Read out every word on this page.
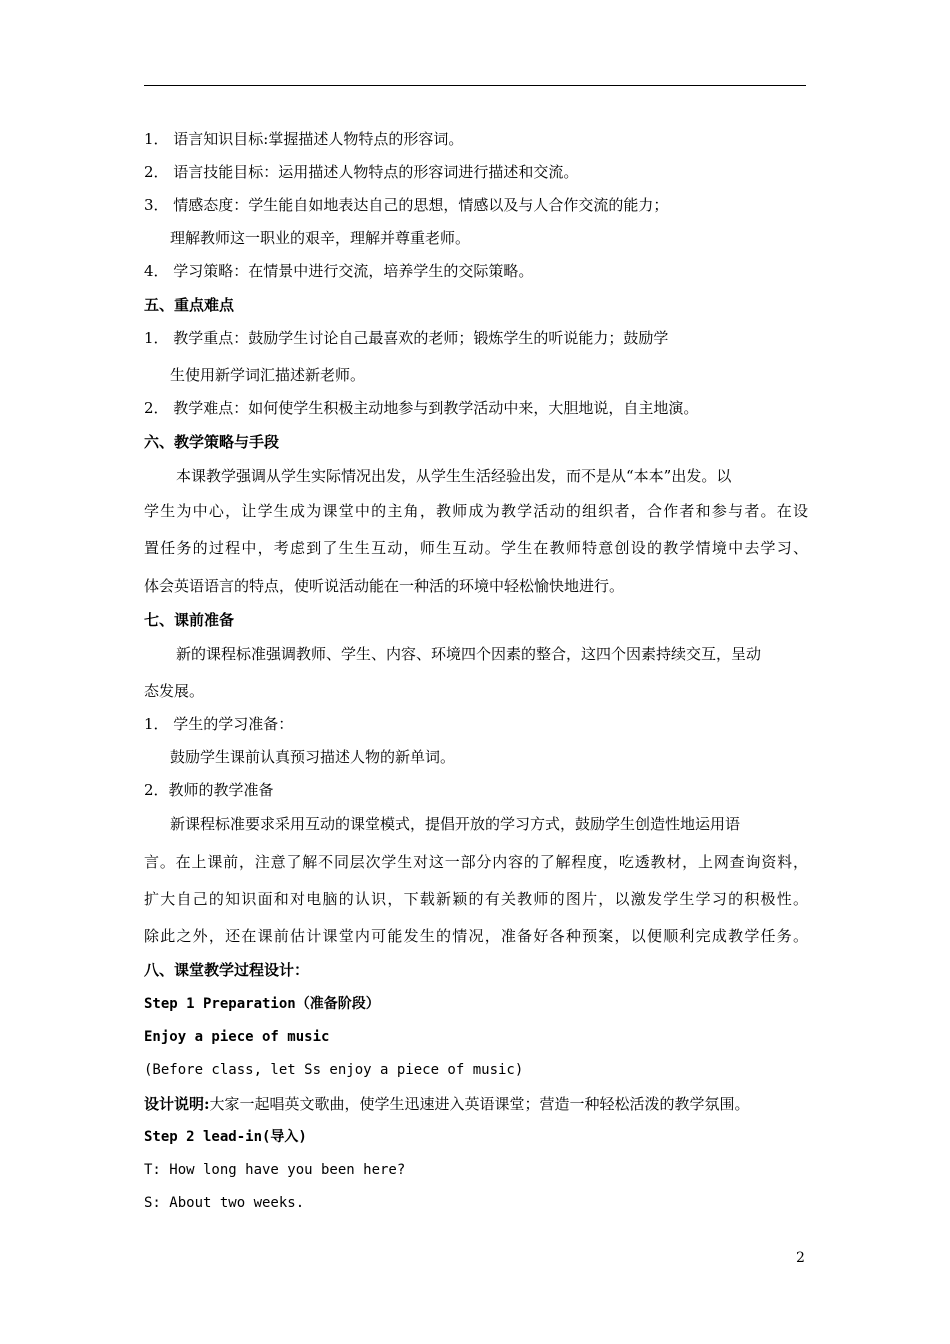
1． 语言知识目标:掌握描述人物特点的形容词。
2． 语言技能目标：运用描述人物特点的形容词进行描述和交流。
3． 情感态度：学生能自如地表达自己的思想，情感以及与人合作交流的能力；
理解教师这一职业的艰辛，理解并尊重老师。
4． 学习策略：在情景中进行交流，培养学生的交际策略。
五、重点难点
1． 教学重点：鼓励学生讨论自己最喜欢的老师；锻炼学生的听说能力；鼓励学
生使用新学词汇描述新老师。
2． 教学难点：如何使学生积极主动地参与到教学活动中来，大胆地说，自主地演。
六、教学策略与手段
本课教学强调从学生实际情况出发，从学生生活经验出发，而不是从“本本”出发。以
学生为中心，让学生成为课堂中的主角，教师成为教学活动的组织者，合作者和参与者。在设
置任务的过程中，考虑到了生生互动，师生互动。学生在教师特意创设的教学情境中去学习、
体会英语语言的特点，使听说活动能在一种活的环境中轻松愉快地进行。
七、课前准备
新的课程标准强调教师、学生、内容、环境四个因素的整合，这四个因素持续交互，呈动
态发展。
1． 学生的学习准备：
鼓励学生课前认真预习描述人物的新单词。
2．教师的教学准备
新课程标准要求采用互动的课堂模式，提倡开放的学习方式，鼓励学生创造性地运用语
言。在上课前，注意了解不同层次学生对这一部分内容的了解程度，吃透教材，上网查询资料，
扩大自己的知识面和对电脑的认识，下载新颖的有关教师的图片，以激发学生学习的积极性。
除此之外，还在课前估计课堂内可能发生的情况，准备好各种预案，以便顺利完成教学任务。
八、课堂教学过程设计：
Step 1 Preparation（准备阶段）
Enjoy a piece of music
(Before class, let Ss enjoy a piece of music)
设计说明:大家一起唱英文歌曲，使学生迅速进入英语课堂；营造一种轻松活泼的教学氛围。
Step 2 lead-in(导入)
T: How long have you been here?
S: About two weeks.
2
